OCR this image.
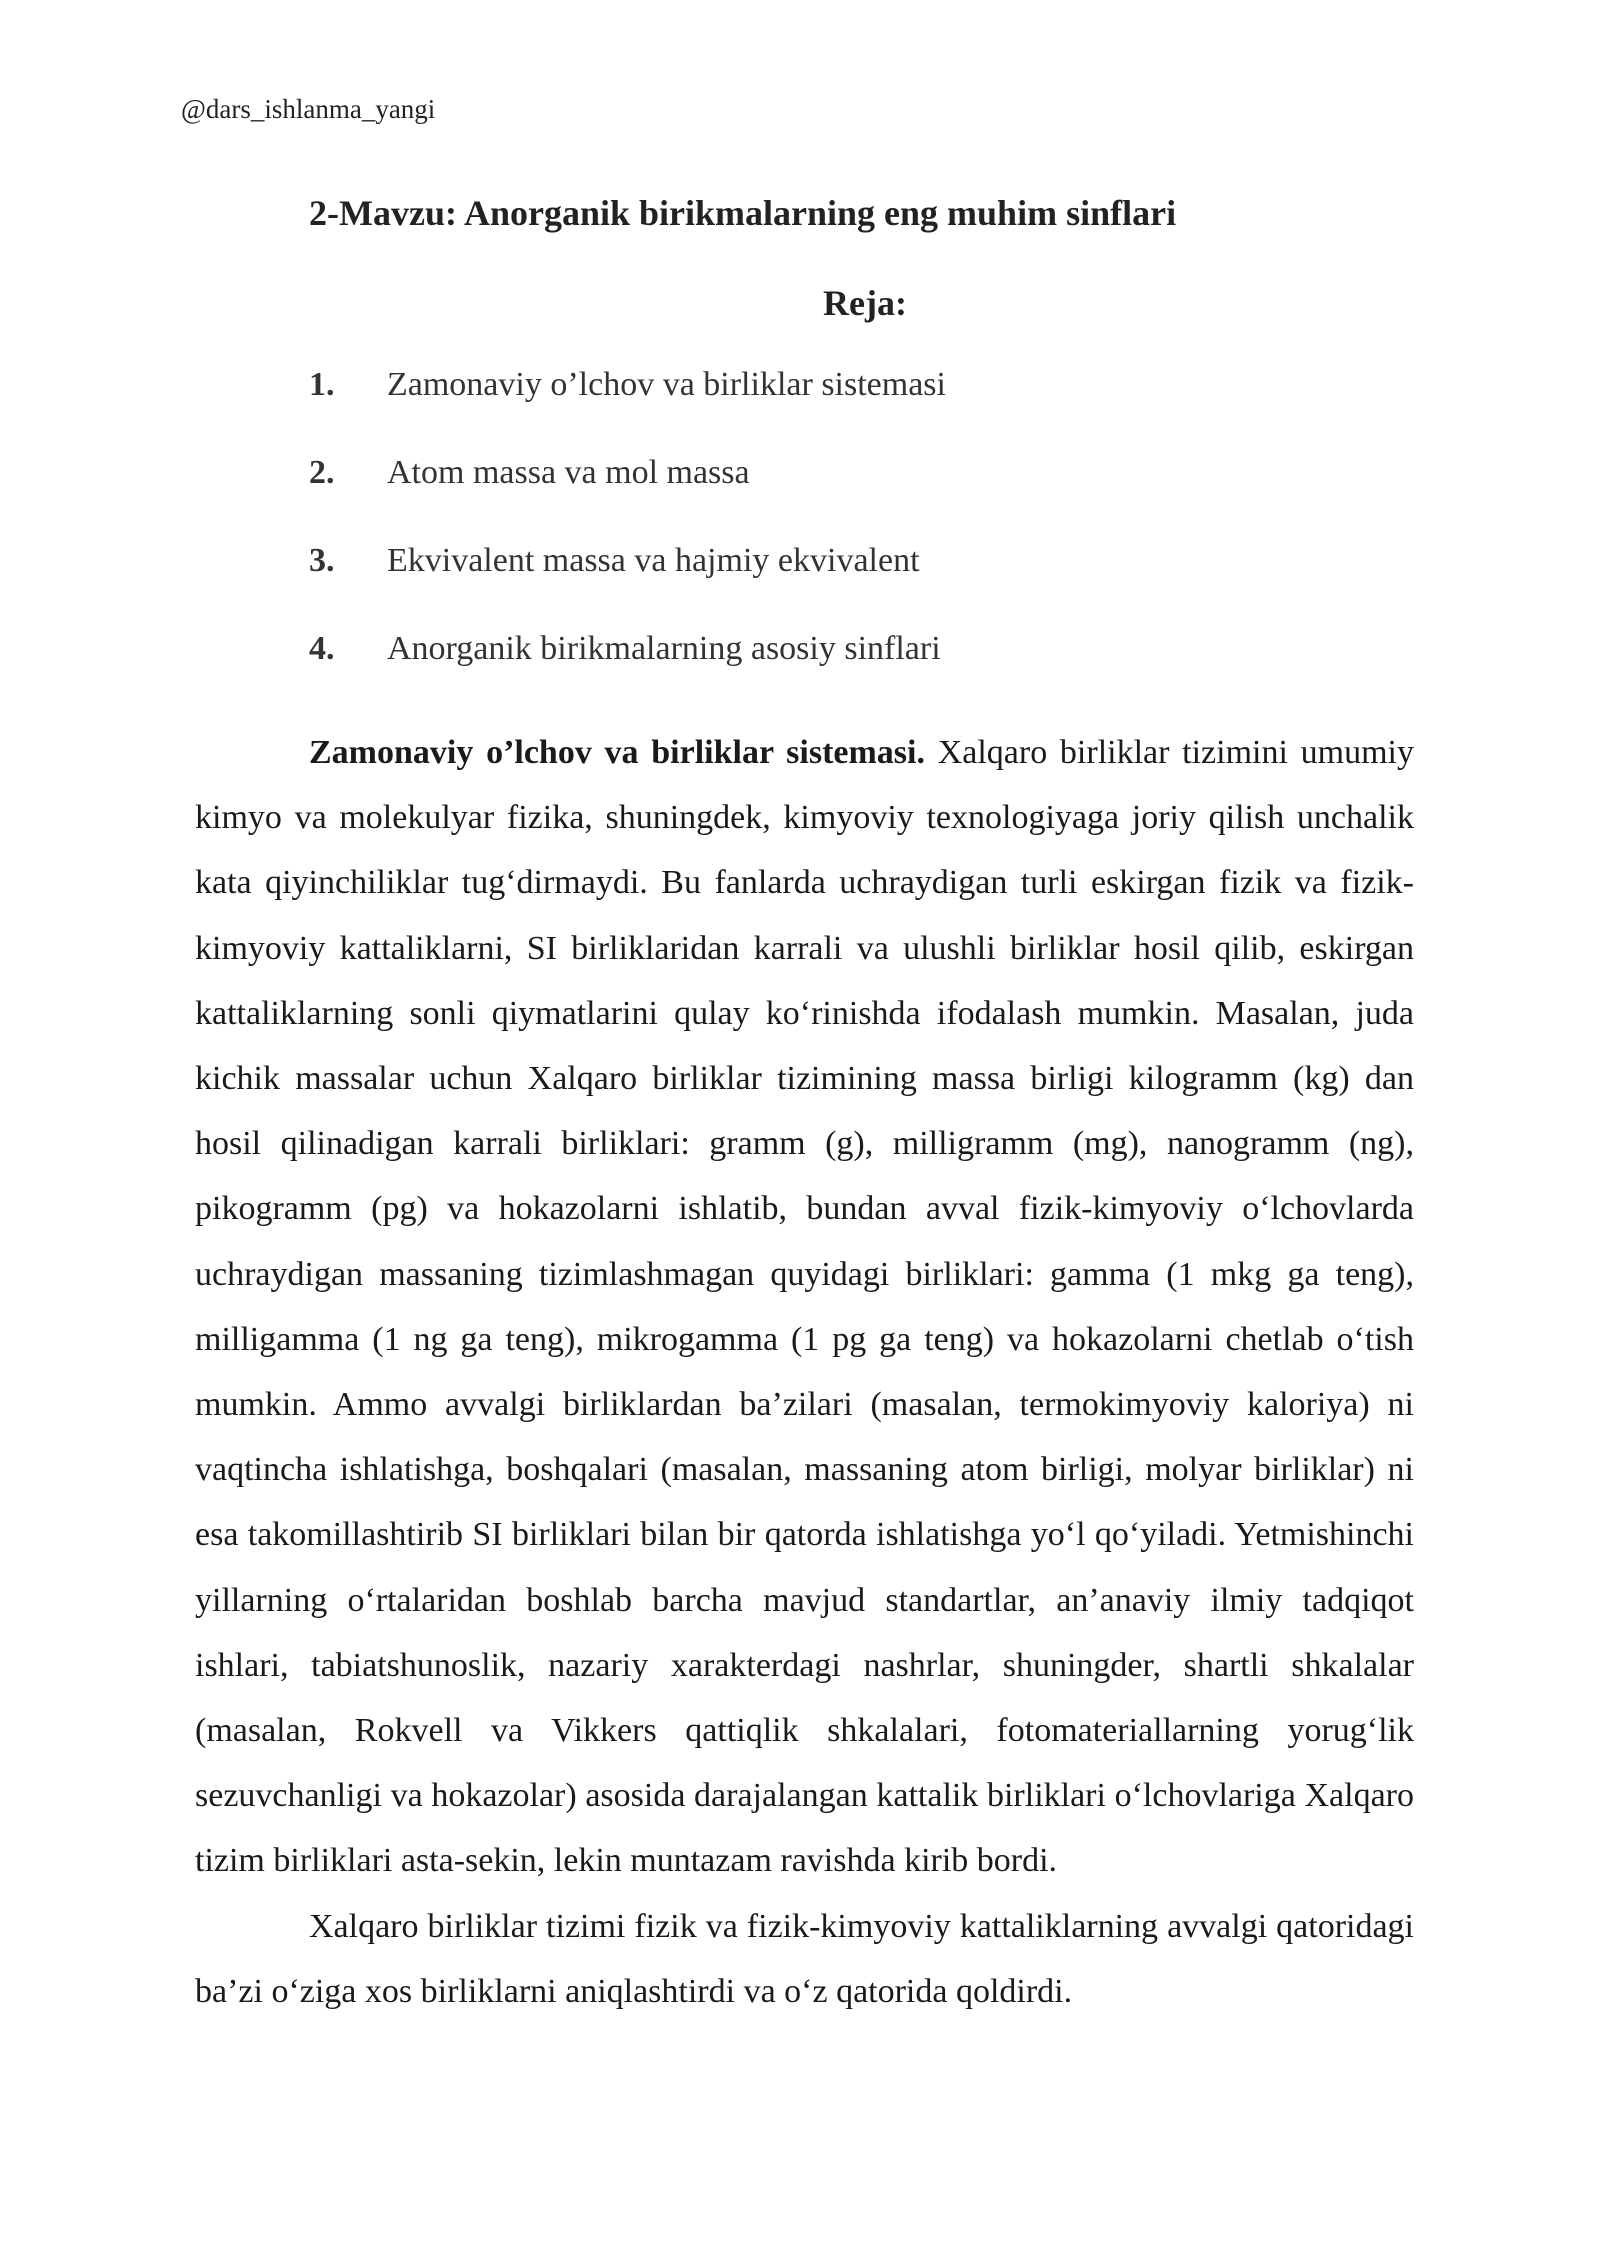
@dars_ishlanma_yangi
2-Mavzu: Anorganik birikmalarning eng muhim sinflari
Reja:
1.	Zamonaviy o’lchov va birliklar sistemasi
2.	Atom massa va mol massa
3.	Ekvivalent massa va hajmiy ekvivalent
4.	Anorganik birikmalarning asosiy sinflari

Zamonaviy o’lchov va birliklar sistemasi. Xalqaro birliklar tizimini umumiy kimyo va molekulyar fizika, shuningdek, kimyoviy texnologiyaga joriy qilish unchalik kata qiyinchiliklar tug‘dirmaydi. Bu fanlarda uchraydigan turli eskirgan fizik va fizik-kimyoviy kattaliklarni, SI birliklaridan karrali va ulushli birliklar hosil qilib, eskirgan kattaliklarning sonli qiymatlarini qulay ko‘rinishda ifodalash mumkin. Masalan, juda kichik massalar uchun Xalqaro birliklar tizimining massa birligi kilogramm (kg) dan hosil qilinadigan karrali birliklari: gramm (g), milligramm (mg), nanogramm (ng), pikogramm (pg) va hokazolarni ishlatib, bundan avval fizik-kimyoviy o‘lchovlarda uchraydigan massaning tizimlashmagan quyidagi birliklari: gamma (1 mkg ga teng), milligamma (1 ng ga teng), mikrogamma (1 pg ga teng) va hokazolarni chetlab o‘tish mumkin. Ammo avvalgi birliklardan ba’zilari (masalan, termokimyoviy kaloriya) ni vaqtincha ishlatishga, boshqalari (masalan, massaning atom birligi, molyar birliklar) ni esa takomillashtirib SI birliklari bilan bir qatorda ishlatishga yo‘l qo‘yiladi. Yetmishinchi yillarning o‘rtalaridan boshlab barcha mavjud standartlar, an’anaviy ilmiy tadqiqot ishlari, tabiatshunoslik, nazariy xarakterdagi nashrlar, shuningder, shartli shkalalar (masalan, Rokvell va Vikkers qattiqlik shkalalari, fotomateriallarning yorug‘lik sezuvchanligi va hokazolar) asosida darajalangan kattalik birliklari o‘lchovlariga Xalqaro tizim birliklari asta-sekin, lekin muntazam ravishda kirib bordi.

Xalqaro birliklar tizimi fizik va fizik-kimyoviy kattaliklarning avvalgi qatoridagi ba’zi o‘ziga xos birliklarni aniqlashtirdi va o‘z qatorida qoldirdi.
